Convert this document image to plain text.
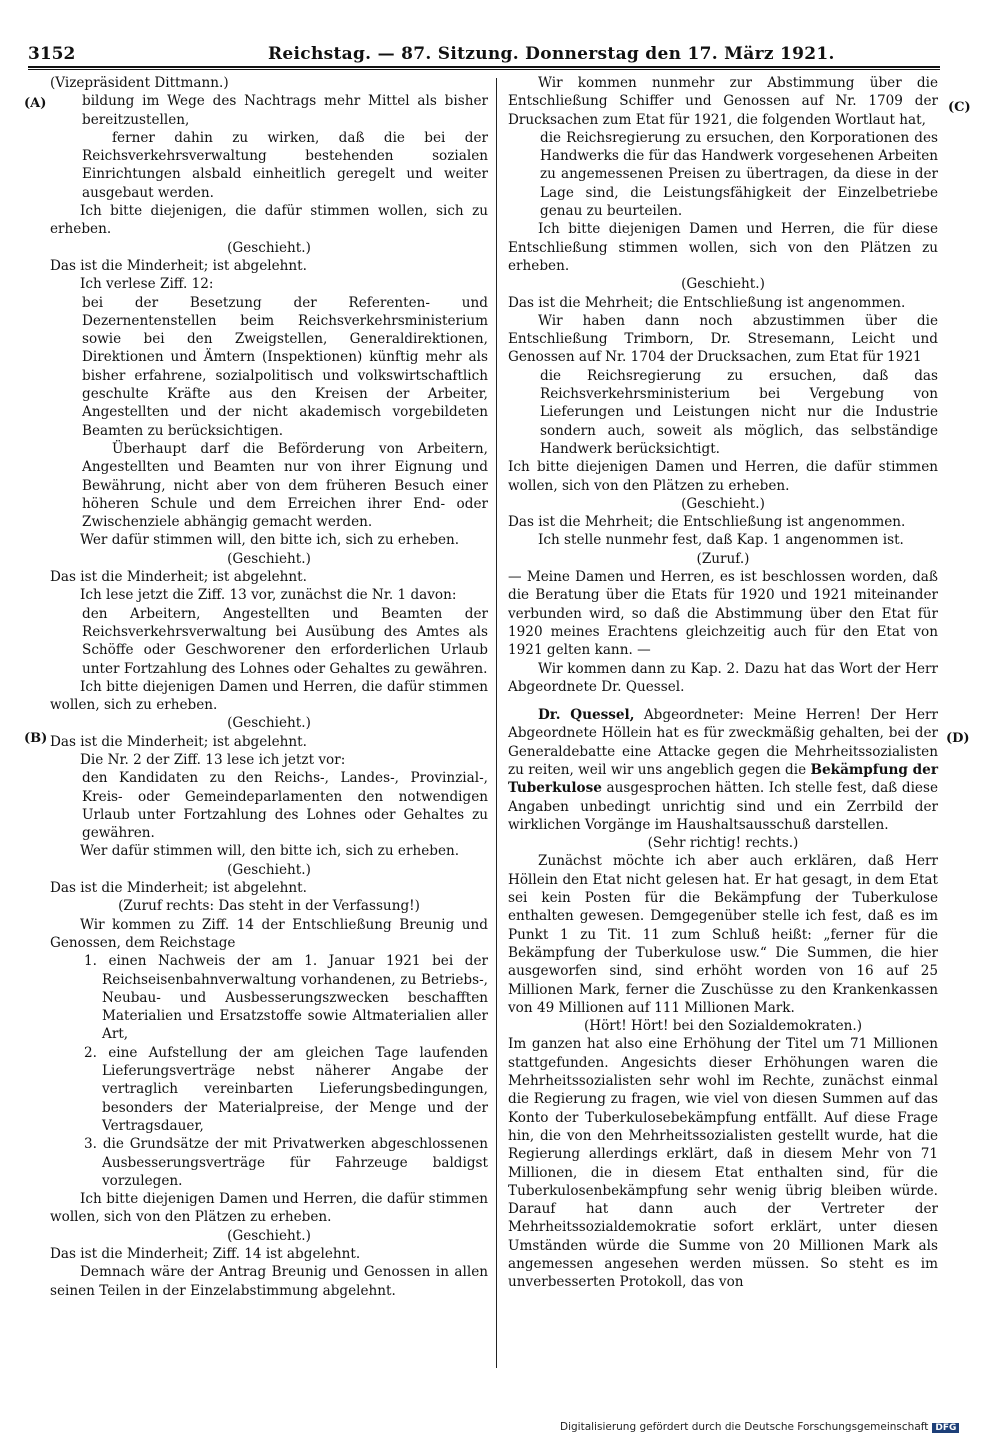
3152	Reichstag. — 87. Sitzung. Donnerstag den 17. März 1921.
(A)
(B)
(C)
(D)

(Vizepräsident Dittmann.)

bildung im Wege des Nachtrags mehr Mittel als bisher bereitzustellen,

ferner dahin zu wirken, daß die bei der Reichsverkehrsverwaltung bestehenden sozialen Einrichtungen alsbald einheitlich geregelt und weiter ausgebaut werden.

Ich bitte diejenigen, die dafür stimmen wollen, sich zu erheben.

(Geschieht.)

Das ist die Minderheit; ist abgelehnt.

Ich verlese Ziff. 12:

bei der Besetzung der Referenten- und Dezernentenstellen beim Reichsverkehrsministerium sowie bei den Zweigstellen, Generaldirektionen, Direktionen und Ämtern (Inspektionen) künftig mehr als bisher erfahrene, sozialpolitisch und volkswirtschaftlich geschulte Kräfte aus den Kreisen der Arbeiter, Angestellten und der nicht akademisch vorgebildeten Beamten zu berücksichtigen.

Überhaupt darf die Beförderung von Arbeitern, Angestellten und Beamten nur von ihrer Eignung und Bewährung, nicht aber von dem früheren Besuch einer höheren Schule und dem Erreichen ihrer End- oder Zwischenziele abhängig gemacht werden.

Wer dafür stimmen will, den bitte ich, sich zu erheben.

(Geschieht.)

Das ist die Minderheit; ist abgelehnt.

Ich lese jetzt die Ziff. 13 vor, zunächst die Nr. 1 davon:

den Arbeitern, Angestellten und Beamten der Reichsverkehrsverwaltung bei Ausübung des Amtes als Schöffe oder Geschworener den erforderlichen Urlaub unter Fortzahlung des Lohnes oder Gehaltes zu gewähren.

Ich bitte diejenigen Damen und Herren, die dafür stimmen wollen, sich zu erheben.

(Geschieht.)

Das ist die Minderheit; ist abgelehnt.

Die Nr. 2 der Ziff. 13 lese ich jetzt vor:

den Kandidaten zu den Reichs-, Landes-, Provinzial-, Kreis- oder Gemeindeparlamenten den notwendigen Urlaub unter Fortzahlung des Lohnes oder Gehaltes zu gewähren.

Wer dafür stimmen will, den bitte ich, sich zu erheben.

(Geschieht.)

Das ist die Minderheit; ist abgelehnt.

(Zuruf rechts: Das steht in der Verfassung!)

Wir kommen zu Ziff. 14 der Entschließung Breunig und Genossen, dem Reichstage

1. einen Nachweis der am 1. Januar 1921 bei der Reichseisenbahnverwaltung vorhandenen, zu Betriebs-, Neubau- und Ausbesserungszwecken beschafften Materialien und Ersatzstoffe sowie Altmaterialien aller Art,

2. eine Aufstellung der am gleichen Tage laufenden Lieferungsverträge nebst näherer Angabe der vertraglich vereinbarten Lieferungsbedingungen, besonders der Materialpreise, der Menge und der Vertragsdauer,

3. die Grundsätze der mit Privatwerken abgeschlossenen Ausbesserungsverträge für Fahrzeuge baldigst vorzulegen.

Ich bitte diejenigen Damen und Herren, die dafür stimmen wollen, sich von den Plätzen zu erheben.

(Geschieht.)

Das ist die Minderheit; Ziff. 14 ist abgelehnt.

Demnach wäre der Antrag Breunig und Genossen in allen seinen Teilen in der Einzelabstimmung abgelehnt.

Wir kommen nunmehr zur Abstimmung über die Entschließung Schiffer und Genossen auf Nr. 1709 der Drucksachen zum Etat für 1921, die folgenden Wortlaut hat,

die Reichsregierung zu ersuchen, den Korporationen des Handwerks die für das Handwerk vorgesehenen Arbeiten zu angemessenen Preisen zu übertragen, da diese in der Lage sind, die Leistungsfähigkeit der Einzelbetriebe genau zu beurteilen.

Ich bitte diejenigen Damen und Herren, die für diese Entschließung stimmen wollen, sich von den Plätzen zu erheben.

(Geschieht.)

Das ist die Mehrheit; die Entschließung ist angenommen.

Wir haben dann noch abzustimmen über die Entschließung Trimborn, Dr. Stresemann, Leicht und Genossen auf Nr. 1704 der Drucksachen, zum Etat für 1921

die Reichsregierung zu ersuchen, daß das Reichsverkehrsministerium bei Vergebung von Lieferungen und Leistungen nicht nur die Industrie sondern auch, soweit als möglich, das selbständige Handwerk berücksichtigt.

Ich bitte diejenigen Damen und Herren, die dafür stimmen wollen, sich von den Plätzen zu erheben.

(Geschieht.)

Das ist die Mehrheit; die Entschließung ist angenommen.

Ich stelle nunmehr fest, daß Kap. 1 angenommen ist.

(Zuruf.)

— Meine Damen und Herren, es ist beschlossen worden, daß die Beratung über die Etats für 1920 und 1921 miteinander verbunden wird, so daß die Abstimmung über den Etat für 1920 meines Erachtens gleichzeitig auch für den Etat von 1921 gelten kann. —

Wir kommen dann zu Kap. 2. Dazu hat das Wort der Herr Abgeordnete Dr. Quessel.

Dr. Quessel, Abgeordneter: Meine Herren! Der Herr Abgeordnete Höllein hat es für zweckmäßig gehalten, bei der Generaldebatte eine Attacke gegen die Mehrheitssozialisten zu reiten, weil wir uns angeblich gegen die Bekämpfung der Tuberkulose ausgesprochen hätten. Ich stelle fest, daß diese Angaben unbedingt unrichtig sind und ein Zerrbild der wirklichen Vorgänge im Haushaltsausschuß darstellen.

(Sehr richtig! rechts.)

Zunächst möchte ich aber auch erklären, daß Herr Höllein den Etat nicht gelesen hat. Er hat gesagt, in dem Etat sei kein Posten für die Bekämpfung der Tuberkulose enthalten gewesen. Demgegenüber stelle ich fest, daß es im Punkt 1 zu Tit. 11 zum Schluß heißt: „ferner für die Bekämpfung der Tuberkulose usw.“ Die Summen, die hier ausgeworfen sind, sind erhöht worden von 16 auf 25 Millionen Mark, ferner die Zuschüsse zu den Krankenkassen von 49 Millionen auf 111 Millionen Mark.

(Hört! Hört! bei den Sozialdemokraten.)

Im ganzen hat also eine Erhöhung der Titel um 71 Millionen stattgefunden. Angesichts dieser Erhöhungen waren die Mehrheitssozialisten sehr wohl im Rechte, zunächst einmal die Regierung zu fragen, wie viel von diesen Summen auf das Konto der Tuberkulosebekämpfung entfällt. Auf diese Frage hin, die von den Mehrheitssozialisten gestellt wurde, hat die Regierung allerdings erklärt, daß in diesem Mehr von 71 Millionen, die in diesem Etat enthalten sind, für die Tuberkulosenbekämpfung sehr wenig übrig bleiben würde. Darauf hat dann auch der Vertreter der Mehrheitssozialdemokratie sofort erklärt, unter diesen Umständen würde die Summe von 20 Millionen Mark als angemessen angesehen werden müssen. So steht es im unverbesserten Protokoll, das von

Digitalisierung gefördert durch die Deutsche Forschungsgemeinschaft DFG
